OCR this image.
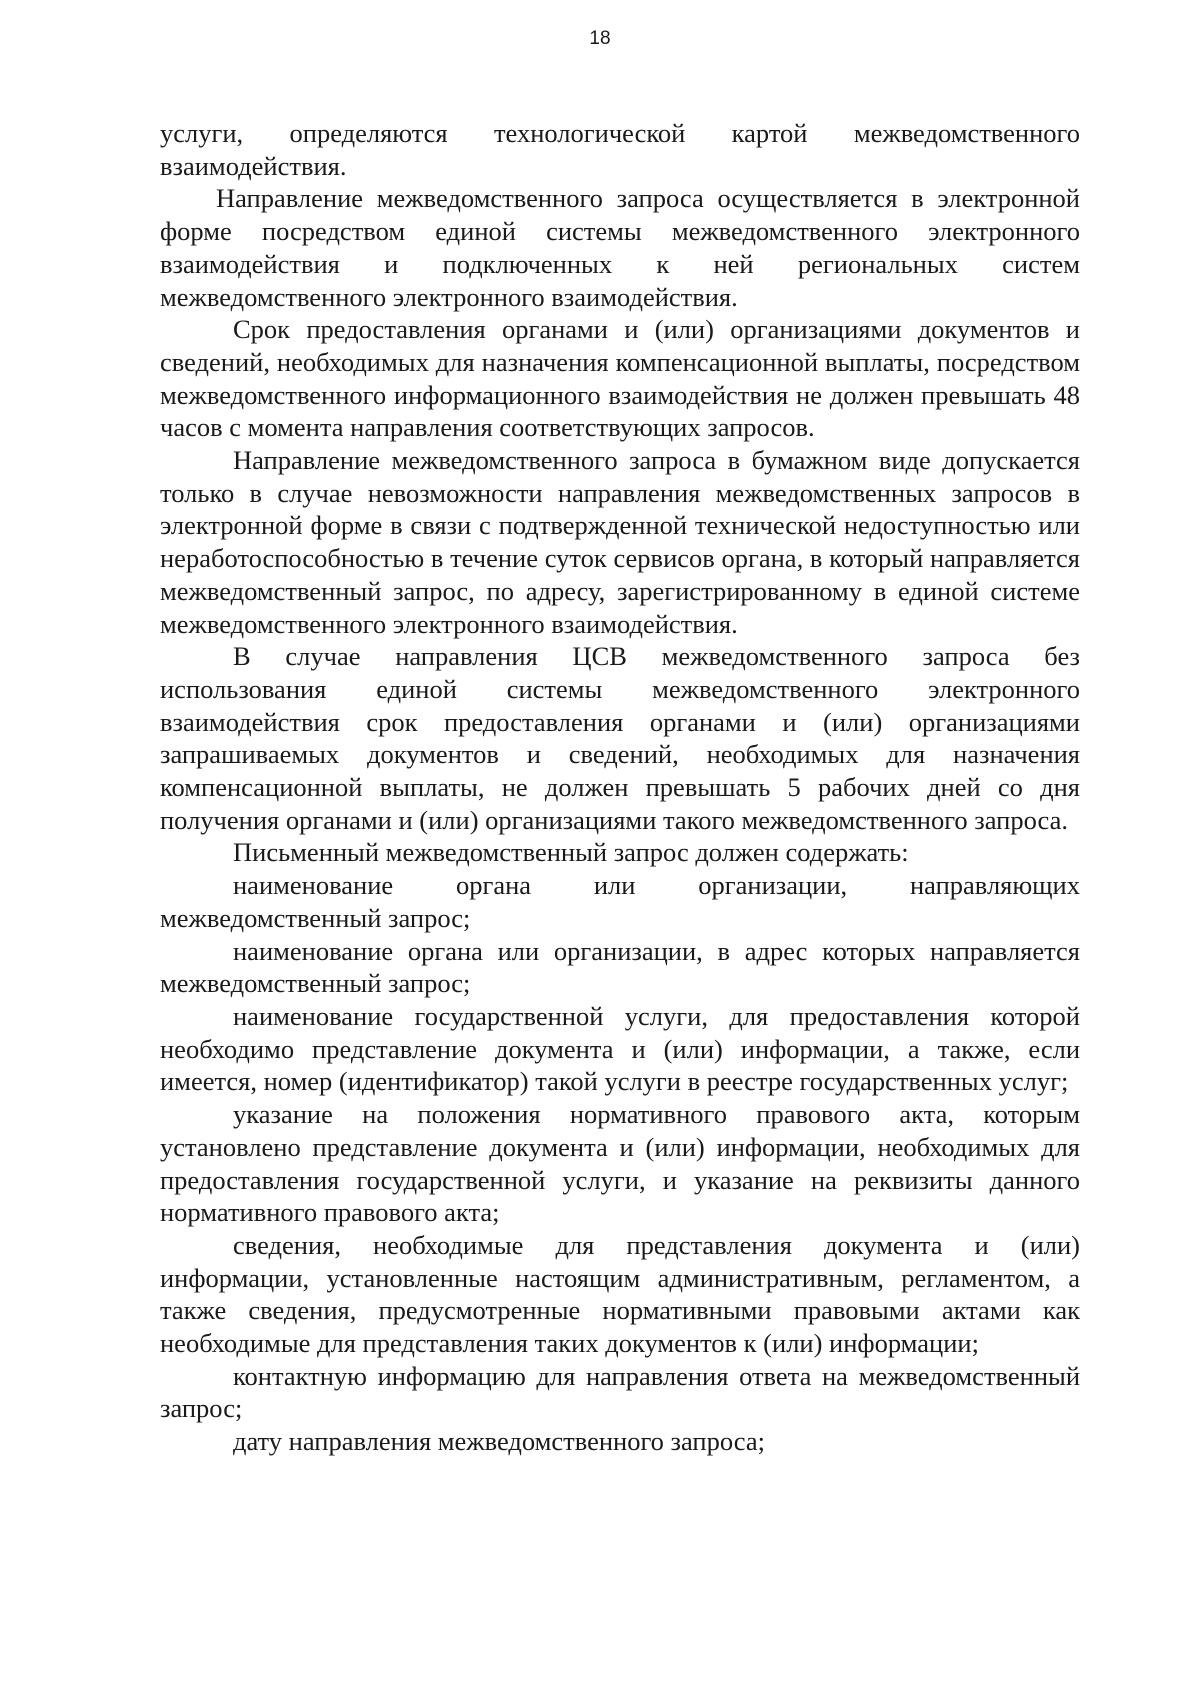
18

услуги, определяются технологической картой межведомственного взаимодействия.

Направление межведомственного запроса осуществляется в электронной форме посредством единой системы межведомственного электронного взаимодействия и подключенных к ней региональных систем межведомственного электронного взаимодействия.

Срок предоставления органами и (или) организациями документов и сведений, необходимых для назначения компенсационной выплаты, посредством межведомственного информационного взаимодействия не должен превышать 48 часов с момента направления соответствующих запросов.

Направление межведомственного запроса в бумажном виде допускается только в случае невозможности направления межведомственных запросов в электронной форме в связи с подтвержденной технической недоступностью или неработоспособностью в течение суток сервисов органа, в который направляется межведомственный запрос, по адресу, зарегистрированному в единой системе межведомственного электронного взаимодействия.

В случае направления ЦСВ межведомственного запроса без использования единой системы межведомственного электронного взаимодействия срок предоставления органами и (или) организациями запрашиваемых документов и сведений, необходимых для назначения компенсационной выплаты, не должен превышать 5 рабочих дней со дня получения органами и (или) организациями такого межведомственного запроса.

Письменный межведомственный запрос должен содержать:

наименование органа или организации, направляющих межведомственный запрос;

наименование органа или организации, в адрес которых направляется межведомственный запрос;

наименование государственной услуги, для предоставления которой необходимо представление документа и (или) информации, а также, если имеется, номер (идентификатор) такой услуги в реестре государственных услуг;

указание на положения нормативного правового акта, которым установлено представление документа и (или) информации, необходимых для предоставления государственной услуги, и указание на реквизиты данного нормативного правового акта;

сведения, необходимые для представления документа и (или) информации, установленные настоящим административным, регламентом, а также сведения, предусмотренные нормативными правовыми актами как необходимые для представления таких документов к (или) информации;

контактную информацию для направления ответа на межведомственный запрос;

дату направления межведомственного запроса;
